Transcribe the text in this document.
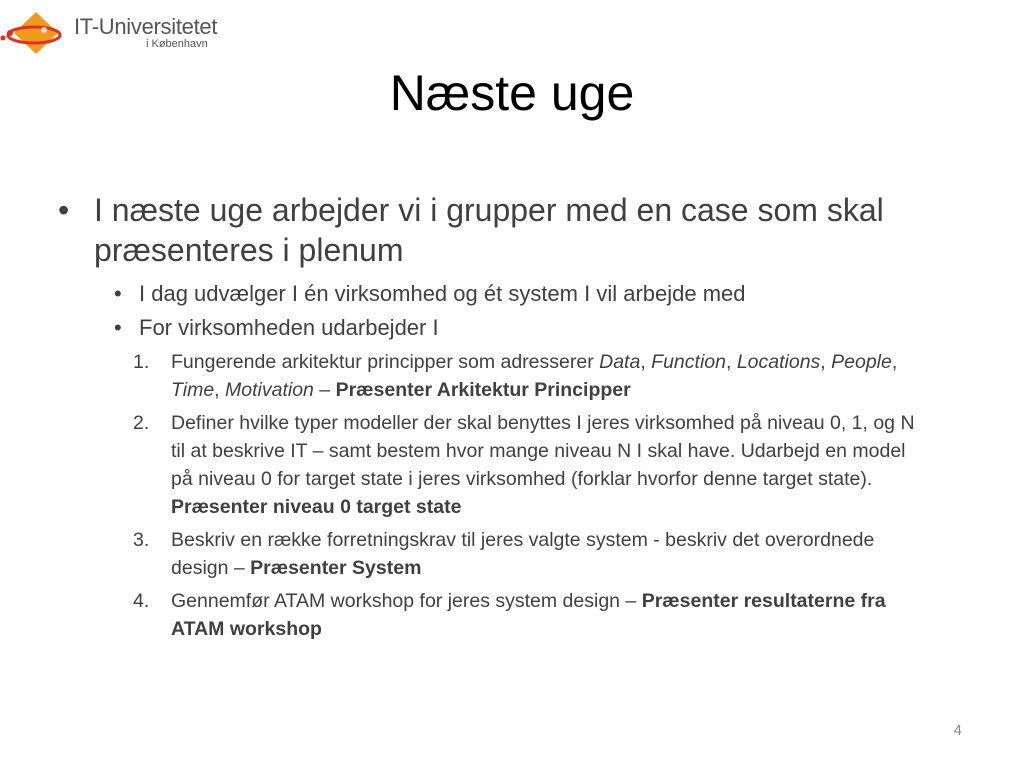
IT-Universitetet
i København
Næste uge

• I næste uge arbejder vi i grupper med en case som skal præsenteres i plenum

• I dag udvælger I én virksomhed og ét system I vil arbejde med
• For virksomheden udarbejder I
1. Fungerende arkitektur principper som adresserer Data, Function, Locations, People, Time, Motivation – Præsenter Arkitektur Principper
2. Definer hvilke typer modeller der skal benyttes I jeres virksomhed på niveau 0, 1, og N til at beskrive IT – samt bestem hvor mange niveau N I skal have. Udarbejd en model på niveau 0 for target state i jeres virksomhed (forklar hvorfor denne target state).
Præsenter niveau 0 target state
3. Beskriv en række forretningskrav til jeres valgte system - beskriv det overordnede design – Præsenter System
4. Gennemfør ATAM workshop for jeres system design – Præsenter resultaterne fra ATAM workshop
4
